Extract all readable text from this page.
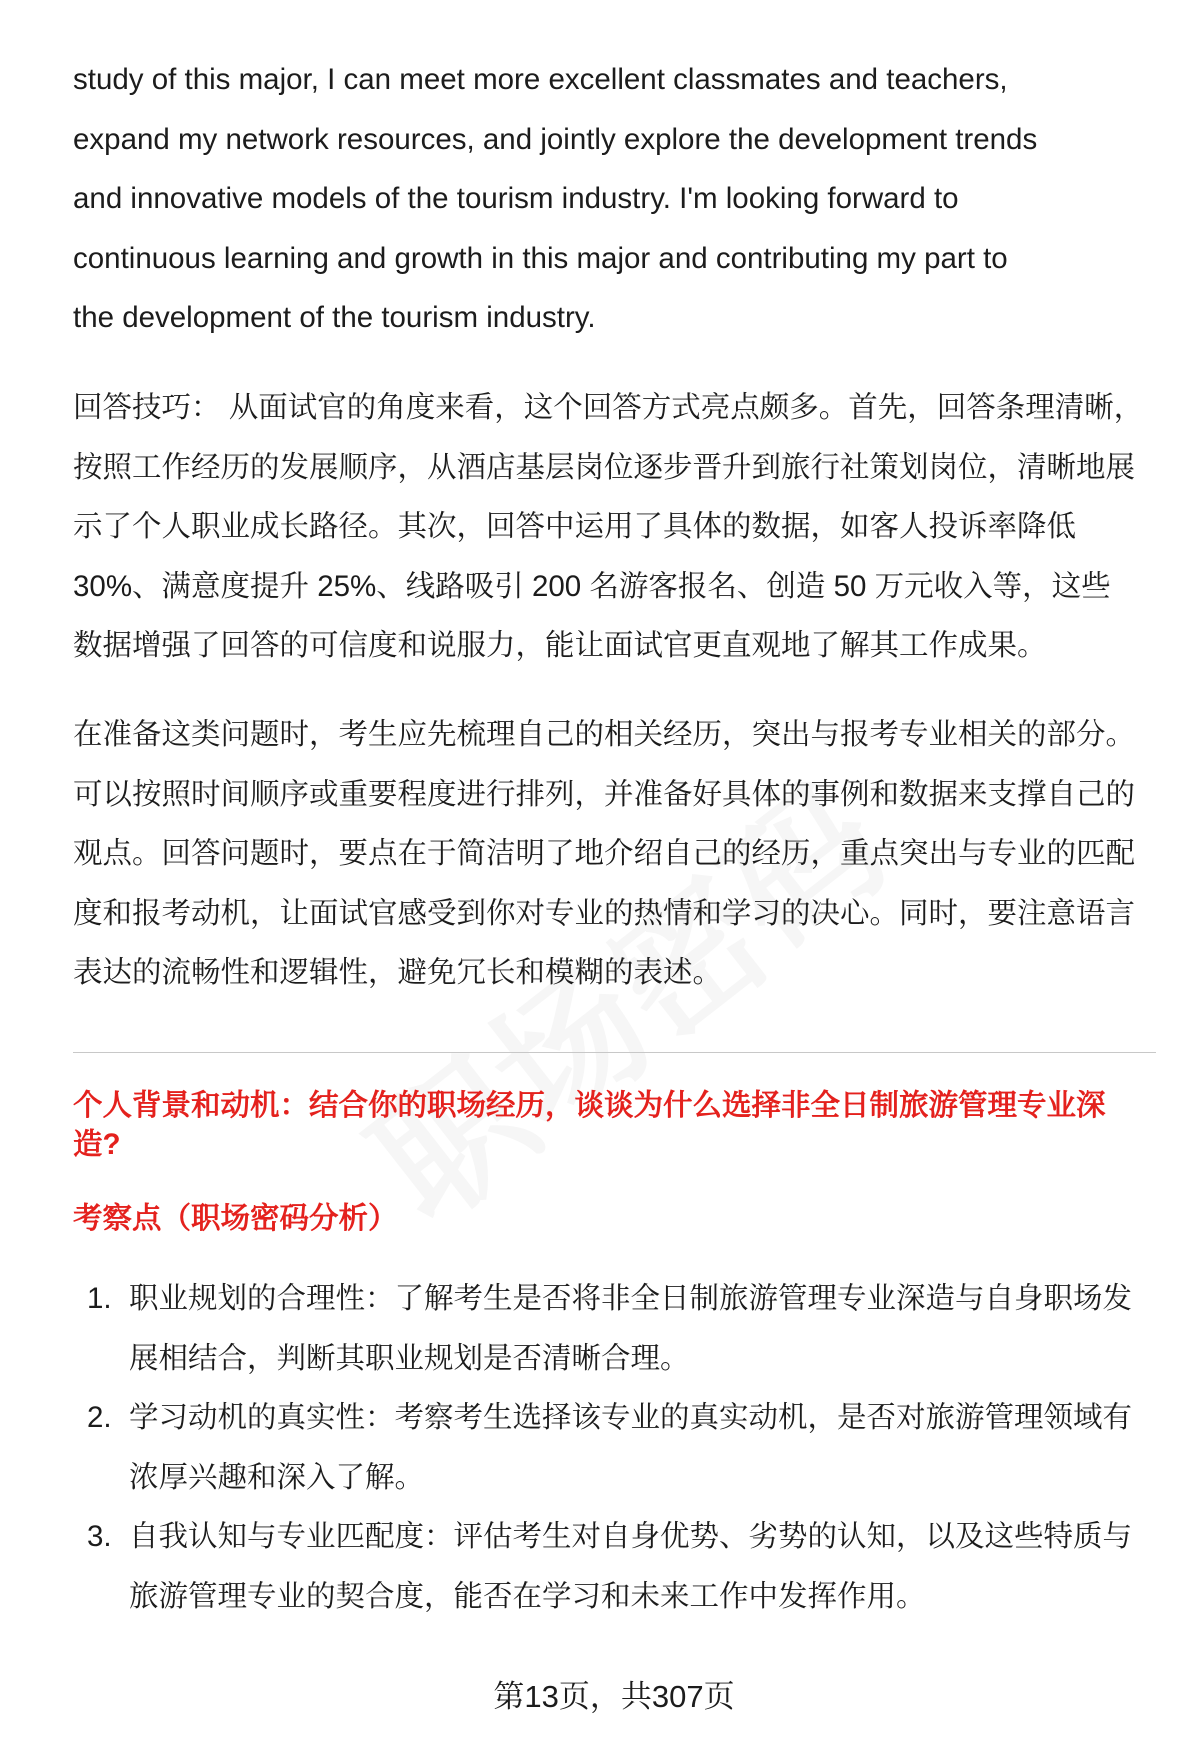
study of this major, I can meet more excellent classmates and teachers,
expand my network resources, and jointly explore the development trends
and innovative models of the tourism industry. I'm looking forward to
continuous learning and growth in this major and contributing my part to
the development of the tourism industry.
回答技巧： 从面试官的角度来看，这个回答方式亮点颇多。首先，回答条理清晰，
按照工作经历的发展顺序，从酒店基层岗位逐步晋升到旅行社策划岗位，清晰地展
示了个人职业成长路径。其次，回答中运用了具体的数据，如客人投诉率降低
30%、满意度提升 25%、线路吸引 200 名游客报名、创造 50 万元收入等，这些
数据增强了回答的可信度和说服力，能让面试官更直观地了解其工作成果。
在准备这类问题时，考生应先梳理自己的相关经历，突出与报考专业相关的部分。
可以按照时间顺序或重要程度进行排列，并准备好具体的事例和数据来支撑自己的
观点。回答问题时，要点在于简洁明了地介绍自己的经历，重点突出与专业的匹配
度和报考动机，让面试官感受到你对专业的热情和学习的决心。同时，要注意语言
表达的流畅性和逻辑性，避免冗长和模糊的表述。
个人背景和动机：结合你的职场经历，谈谈为什么选择非全日制旅游管理专业深
造?
考察点（职场密码分析）
1. 职业规划的合理性：了解考生是否将非全日制旅游管理专业深造与自身职场发
展相结合，判断其职业规划是否清晰合理。
2. 学习动机的真实性：考察考生选择该专业的真实动机，是否对旅游管理领域有
浓厚兴趣和深入了解。
3. 自我认知与专业匹配度：评估考生对自身优势、劣势的认知，以及这些特质与
旅游管理专业的契合度，能否在学习和未来工作中发挥作用。
第13页，共307页
